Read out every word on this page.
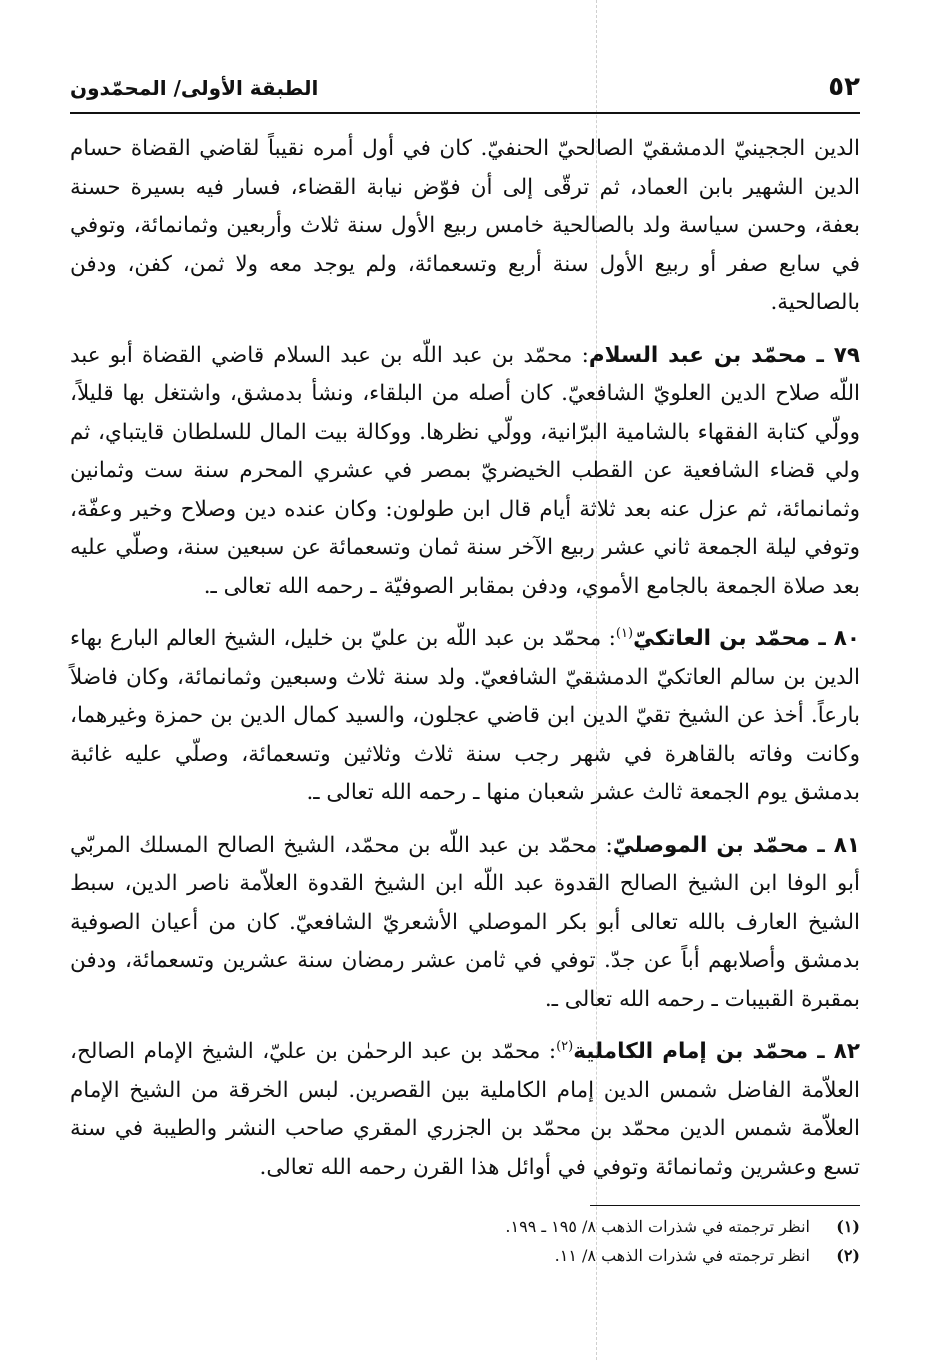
٥٢
الطبقة الأولى/ المحمّدون

الدين الججينيّ الدمشقيّ الصالحيّ الحنفيّ. كان في أول أمره نقيباً لقاضي القضاة حسام الدين الشهير بابن العماد، ثم ترقّى إلى أن فوّض نيابة القضاء، فسار فيه بسيرة حسنة بعفة، وحسن سياسة ولد بالصالحية خامس ربيع الأول سنة ثلاث وأربعين وثمانمائة، وتوفي في سابع صفر أو ربيع الأول سنة أربع وتسعمائة، ولم يوجد معه ولا ثمن، كفن، ودفن بالصالحية.

٧٩ ـ محمّد بن عبد السلام: محمّد بن عبد اللّه بن عبد السلام قاضي القضاة أبو عبد اللّه صلاح الدين العلويّ الشافعيّ. كان أصله من البلقاء، ونشأ بدمشق، واشتغل بها قليلاً، وولّي كتابة الفقهاء بالشامية البرّانية، وولّي نظرها. ووكالة بيت المال للسلطان قايتباي، ثم ولي قضاء الشافعية عن القطب الخيضريّ بمصر في عشري المحرم سنة ست وثمانين وثمانمائة، ثم عزل عنه بعد ثلاثة أيام قال ابن طولون: وكان عنده دين وصلاح وخير وعفّة، وتوفي ليلة الجمعة ثاني عشر ربيع الآخر سنة ثمان وتسعمائة عن سبعين سنة، وصلّي عليه بعد صلاة الجمعة بالجامع الأموي، ودفن بمقابر الصوفيّة ـ رحمه الله تعالى ـ.

٨٠ ـ محمّد بن العاتكيّ$^{(١)}$: محمّد بن عبد اللّه بن عليّ بن خليل، الشيخ العالم البارع بهاء الدين بن سالم العاتكيّ الدمشقيّ الشافعيّ. ولد سنة ثلاث وسبعين وثمانمائة، وكان فاضلاً بارعاً. أخذ عن الشيخ تقيّ الدين ابن قاضي عجلون، والسيد كمال الدين بن حمزة وغيرهما، وكانت وفاته بالقاهرة في شهر رجب سنة ثلاث وثلاثين وتسعمائة، وصلّي عليه غائبة بدمشق يوم الجمعة ثالث عشر شعبان منها ـ رحمه الله تعالى ـ.

٨١ ـ محمّد بن الموصليّ: محمّد بن عبد اللّه بن محمّد، الشيخ الصالح المسلك المربّي أبو الوفا ابن الشيخ الصالح القدوة عبد اللّه ابن الشيخ القدوة العلاّمة ناصر الدين، سبط الشيخ العارف بالله تعالى أبو بكر الموصلي الأشعريّ الشافعيّ. كان من أعيان الصوفية بدمشق وأصلابهم أباً عن جدّ. توفي في ثامن عشر رمضان سنة عشرين وتسعمائة، ودفن بمقبرة القبيبات ـ رحمه الله تعالى ـ.

٨٢ ـ محمّد بن إمام الكاملية$^{(٢)}$: محمّد بن عبد الرحمٰن بن عليّ، الشيخ الإمام الصالح، العلاّمة الفاضل شمس الدين إمام الكاملية بين القصرين. لبس الخرقة من الشيخ الإمام العلاّمة شمس الدين محمّد بن محمّد بن الجزري المقري صاحب النشر والطيبة في سنة تسع وعشرين وثمانمائة وتوفي في أوائل هذا القرن رحمه الله تعالى.

(١)
انظر ترجمته في شذرات الذهب ٨/ ١٩٥ ـ ١٩٩.
(٢)
انظر ترجمته في شذرات الذهب ٨/ ١١.
